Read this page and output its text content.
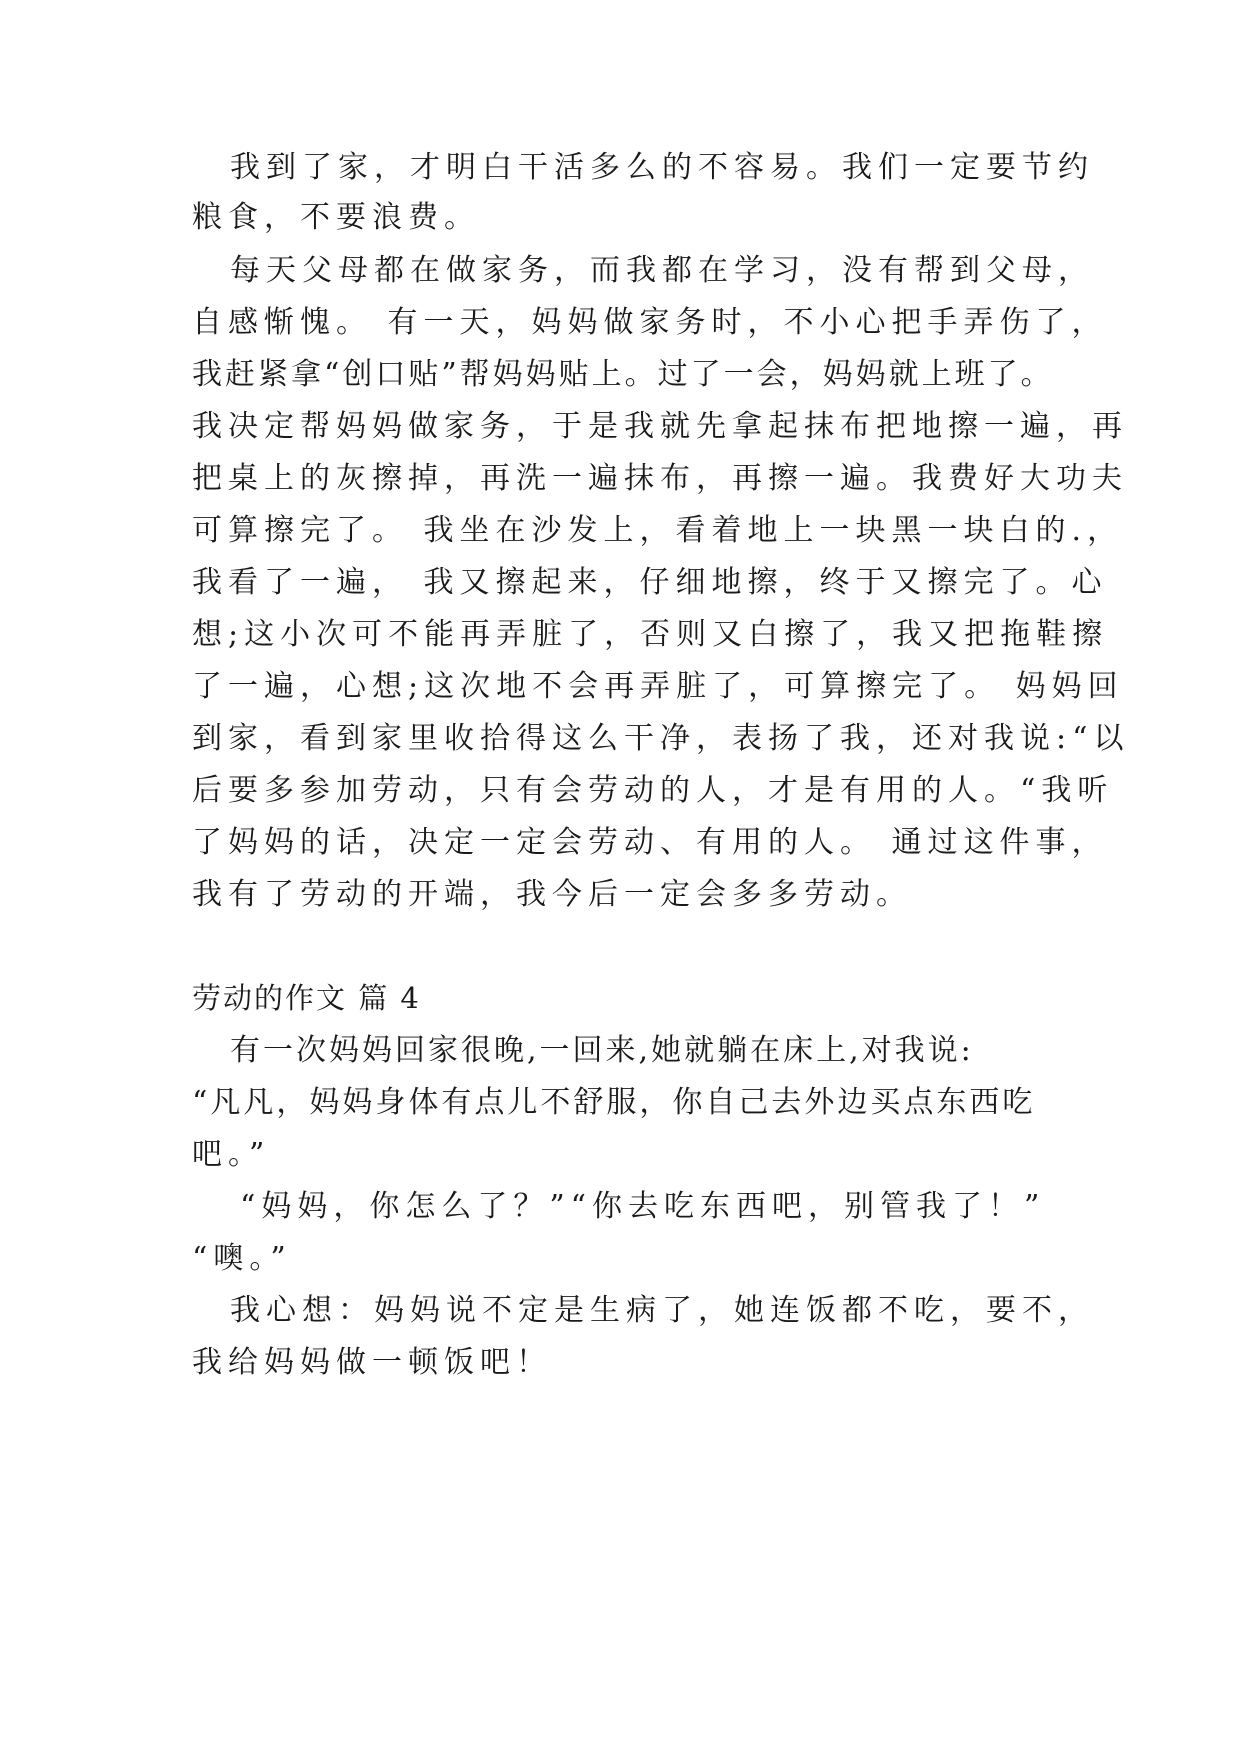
我到了家，才明白干活多么的不容易。我们一定要节约
粮食，不要浪费。
每天父母都在做家务，而我都在学习，没有帮到父母，
自感惭愧。 有一天，妈妈做家务时，不小心把手弄伤了，
我赶紧拿“创口贴”帮妈妈贴上。过了一会，妈妈就上班了。
我决定帮妈妈做家务，于是我就先拿起抹布把地擦一遍，再
把桌上的灰擦掉，再洗一遍抹布，再擦一遍。我费好大功夫
可算擦完了。 我坐在沙发上，看着地上一块黑一块白的.，
我看了一遍， 我又擦起来，仔细地擦，终于又擦完了。心
想;这小次可不能再弄脏了，否则又白擦了，我又把拖鞋擦
了一遍，心想;这次地不会再弄脏了，可算擦完了。 妈妈回
到家，看到家里收拾得这么干净，表扬了我，还对我说:“以
后要多参加劳动，只有会劳动的人，才是有用的人。“我听
了妈妈的话，决定一定会劳动、有用的人。 通过这件事，
我有了劳动的开端，我今后一定会多多劳动。
劳动的作文 篇 4
有一次妈妈回家很晚,一回来,她就躺在床上,对我说:
“凡凡，妈妈身体有点儿不舒服，你自己去外边买点东西吃
吧。”
“妈妈，你怎么了？”“你去吃东西吧，别管我了！”
“噢。”
我心想：妈妈说不定是生病了，她连饭都不吃，要不，
我给妈妈做一顿饭吧！
